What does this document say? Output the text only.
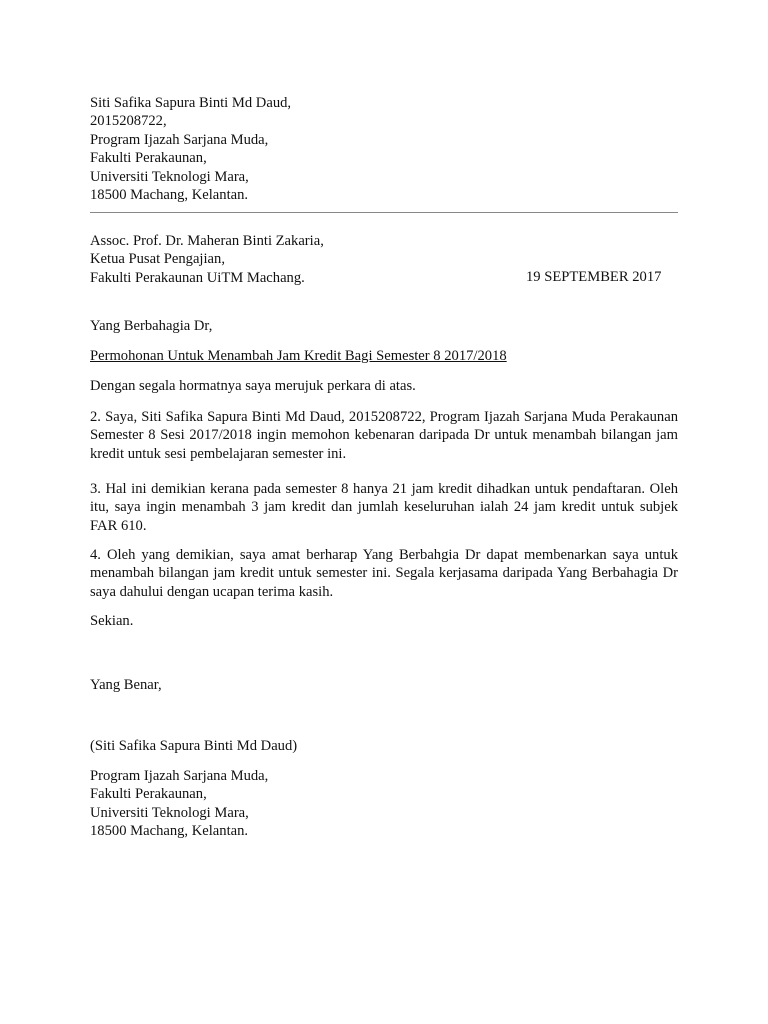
Siti Safika Sapura Binti Md Daud,
2015208722,
Program Ijazah Sarjana Muda,
Fakulti Perakaunan,
Universiti Teknologi Mara,
18500 Machang, Kelantan.
Assoc. Prof. Dr. Maheran Binti Zakaria,
Ketua Pusat Pengajian,
Fakulti Perakaunan UiTM Machang.	19 SEPTEMBER 2017
Yang Berbahagia Dr,
Permohonan Untuk Menambah Jam Kredit Bagi Semester 8 2017/2018
Dengan segala hormatnya saya merujuk perkara di atas.
2. Saya, Siti Safika Sapura Binti Md Daud, 2015208722, Program Ijazah Sarjana Muda Perakaunan Semester 8 Sesi 2017/2018 ingin memohon kebenaran daripada Dr untuk menambah bilangan jam kredit untuk sesi pembelajaran semester ini.
3. Hal ini demikian kerana pada semester 8 hanya 21 jam kredit dihadkan untuk pendaftaran. Oleh itu, saya ingin menambah 3 jam kredit dan jumlah keseluruhan ialah 24 jam kredit untuk subjek FAR 610.
4. Oleh yang demikian, saya amat berharap Yang Berbahgia Dr dapat membenarkan saya untuk menambah bilangan jam kredit untuk semester ini. Segala kerjasama daripada Yang Berbahagia Dr saya dahului dengan ucapan terima kasih.
Sekian.
Yang Benar,
(Siti Safika Sapura Binti Md Daud)
Program Ijazah Sarjana Muda,
Fakulti Perakaunan,
Universiti Teknologi Mara,
18500 Machang, Kelantan.
